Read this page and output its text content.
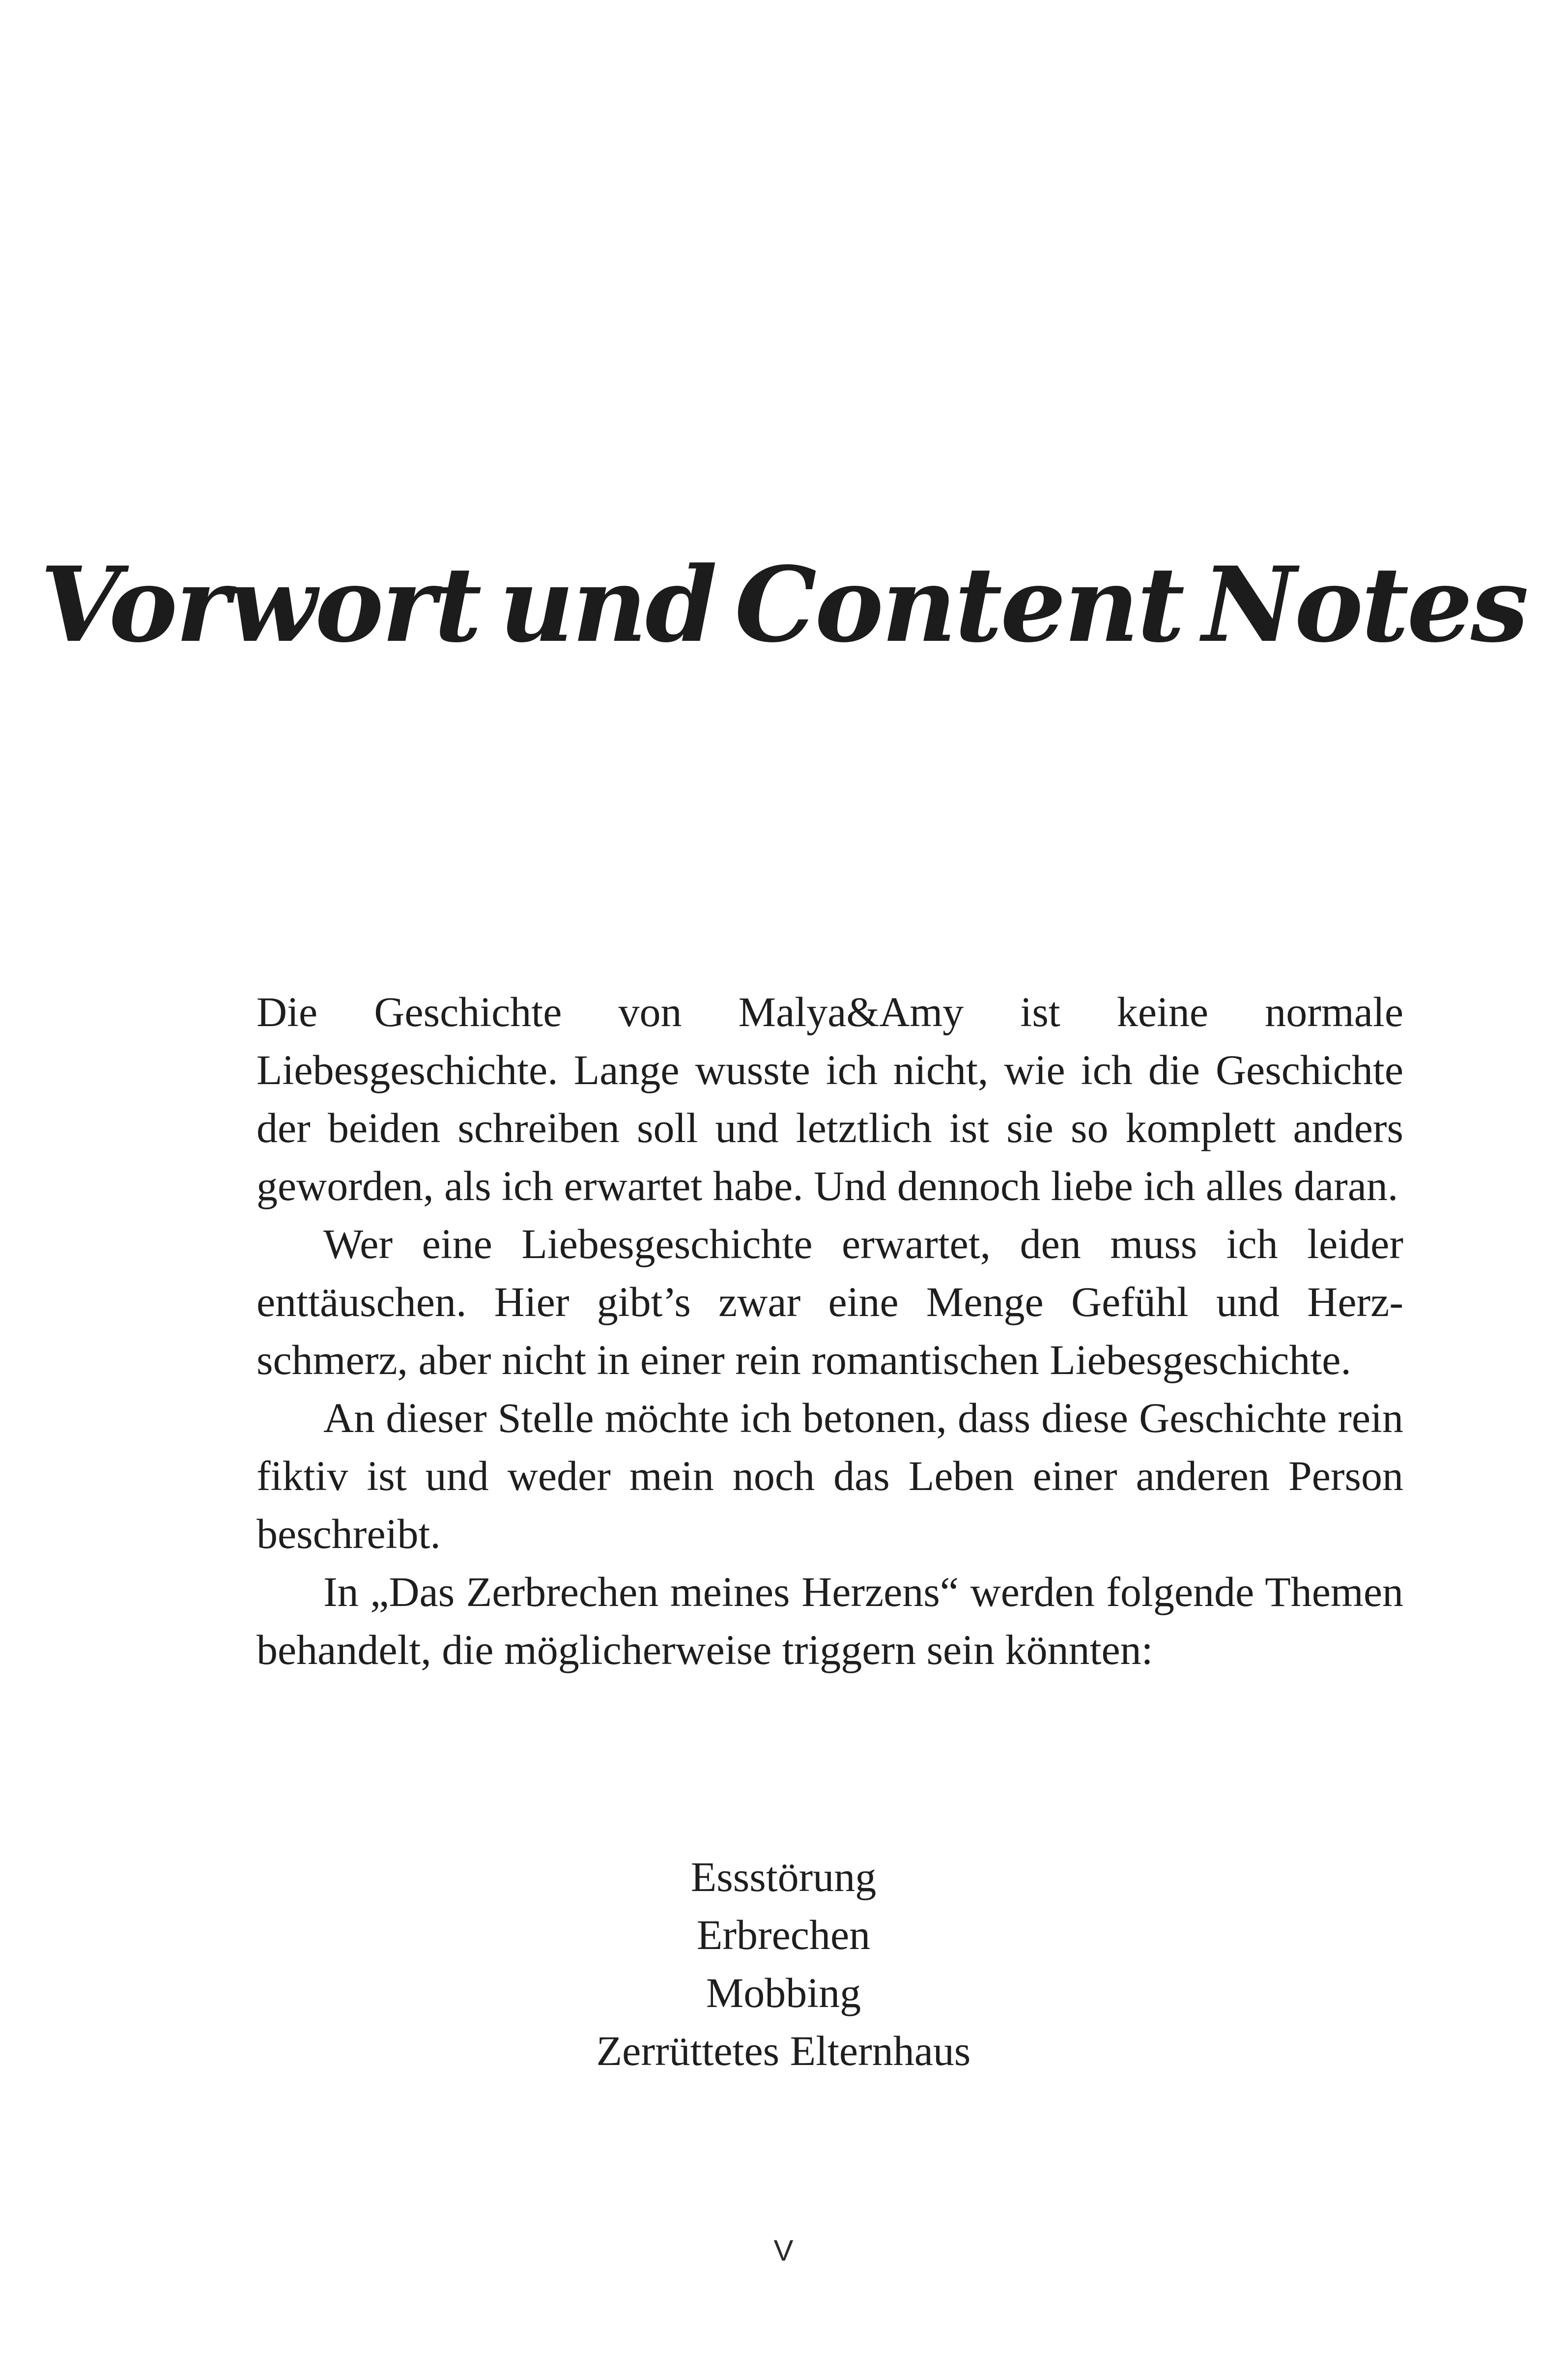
Vorwort und Content Notes

Die Geschichte von Malya&Amy ist keine normale Liebesgeschichte. Lange wusste ich nicht, wie ich die Geschichte der beiden schreiben soll und letztlich ist sie so komplett anders geworden, als ich erwartet habe. Und dennoch liebe ich alles daran.

Wer eine Liebesgeschichte erwartet, den muss ich leider enttäuschen. Hier gibt’s zwar eine Menge Gefühl und Herzschmerz, aber nicht in einer rein romantischen Liebesgeschichte.

An dieser Stelle möchte ich betonen, dass diese Geschichte rein fiktiv ist und weder mein noch das Leben einer anderen Person beschreibt.

In „Das Zerbrechen meines Herzens“ werden folgende Themen behandelt, die möglicherweise triggern sein könnten:

Essstörung
Erbrechen
Mobbing
Zerrüttetes Elternhaus
V
